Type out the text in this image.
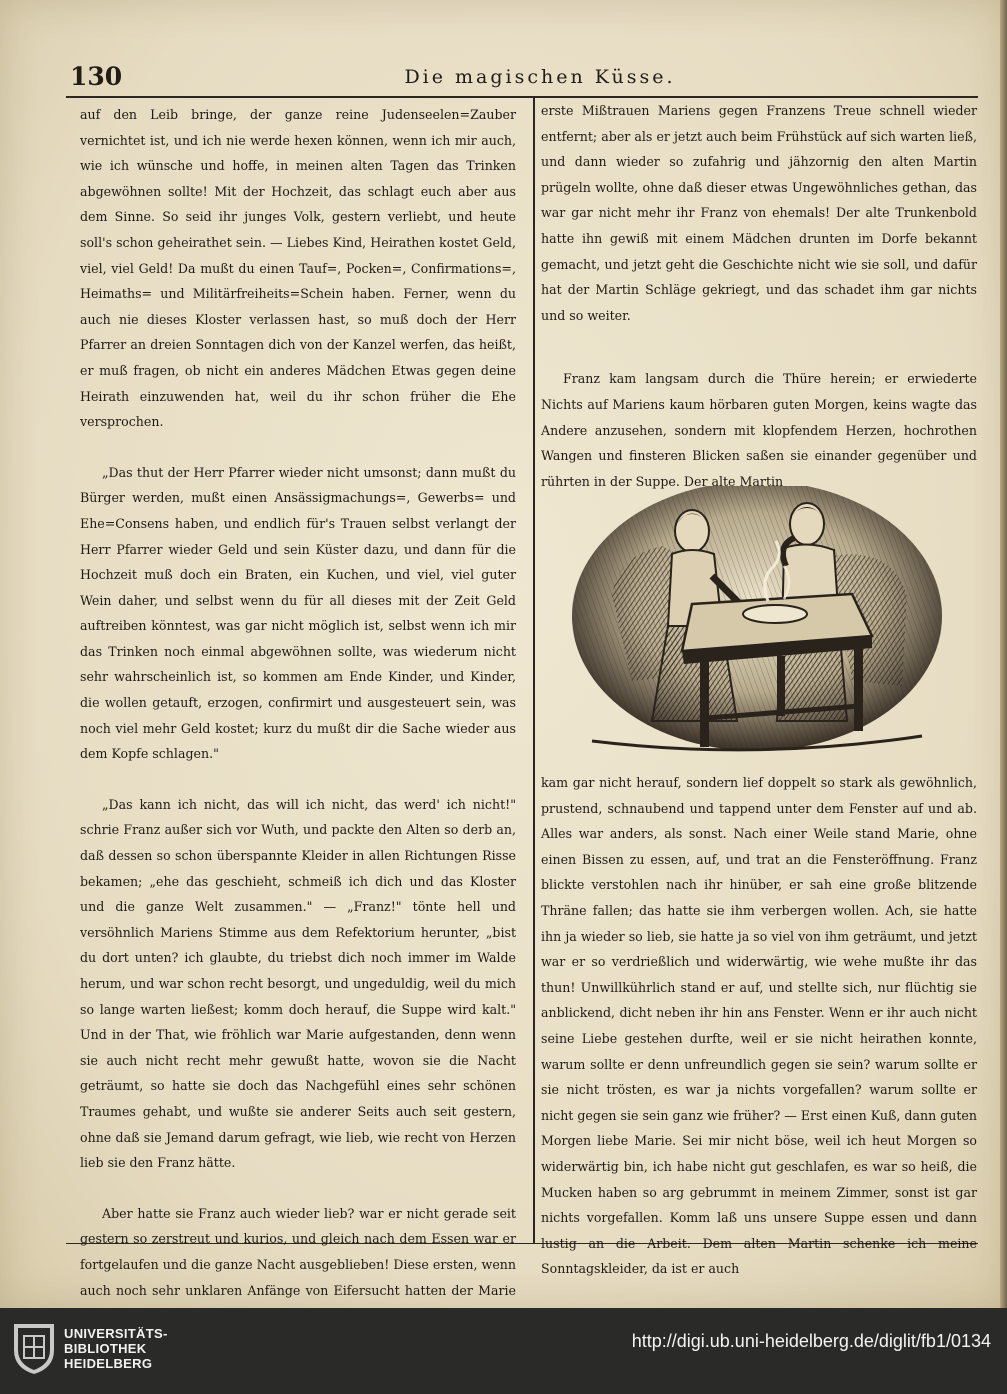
130	Die magischen Küsse.

auf den Leib bringe, der ganze reine Judenseelen=Zauber vernichtet ist, und ich nie werde hexen können, wenn ich mir auch, wie ich wünsche und hoffe, in meinen alten Tagen das Trinken abgewöhnen sollte! Mit der Hochzeit, das schlagt euch aber aus dem Sinne. So seid ihr junges Volk, gestern verliebt, und heute soll's schon geheirathet sein. — Liebes Kind, Heirathen kostet Geld, viel, viel Geld! Da mußt du einen Tauf=, Pocken=, Confirmations=, Heimaths= und Militärfreiheits=Schein haben. Ferner, wenn du auch nie dieses Kloster verlassen hast, so muß doch der Herr Pfarrer an dreien Sonntagen dich von der Kanzel werfen, das heißt, er muß fragen, ob nicht ein anderes Mädchen Etwas gegen deine Heirath einzuwenden hat, weil du ihr schon früher die Ehe versprochen.

„Das thut der Herr Pfarrer wieder nicht umsonst; dann mußt du Bürger werden, mußt einen Ansässigmachungs=, Gewerbs= und Ehe=Consens haben, und endlich für's Trauen selbst verlangt der Herr Pfarrer wieder Geld und sein Küster dazu, und dann für die Hochzeit muß doch ein Braten, ein Kuchen, und viel, viel guter Wein daher, und selbst wenn du für all dieses mit der Zeit Geld auftreiben könntest, was gar nicht möglich ist, selbst wenn ich mir das Trinken noch einmal abgewöhnen sollte, was wiederum nicht sehr wahrscheinlich ist, so kommen am Ende Kinder, und Kinder, die wollen getauft, erzogen, confirmirt und ausgesteuert sein, was noch viel mehr Geld kostet; kurz du mußt dir die Sache wieder aus dem Kopfe schlagen."

„Das kann ich nicht, das will ich nicht, das werd' ich nicht!" schrie Franz außer sich vor Wuth, und packte den Alten so derb an, daß dessen so schon überspannte Kleider in allen Richtungen Risse bekamen; „ehe das geschieht, schmeiß ich dich und das Kloster und die ganze Welt zusammen." — „Franz!" tönte hell und versöhnlich Mariens Stimme aus dem Refektorium herunter, „bist du dort unten? ich glaubte, du triebst dich noch immer im Walde herum, und war schon recht besorgt, und ungeduldig, weil du mich so lange warten ließest; komm doch herauf, die Suppe wird kalt." Und in der That, wie fröhlich war Marie aufgestanden, denn wenn sie auch nicht recht mehr gewußt hatte, wovon sie die Nacht geträumt, so hatte sie doch das Nachgefühl eines sehr schönen Traumes gehabt, und wußte sie anderer Seits auch seit gestern, ohne daß sie Jemand darum gefragt, wie lieb, wie recht von Herzen lieb sie den Franz hätte.

Aber hatte sie Franz auch wieder lieb? war er nicht gerade seit gestern so zerstreut und kurios, und gleich nach dem Essen war er fortgelaufen und die ganze Nacht ausgeblieben! Diese ersten, wenn auch noch sehr unklaren Anfänge von Eifersucht hatten der Marie

erste Mißtrauen Mariens gegen Franzens Treue schnell wieder entfernt; aber als er jetzt auch beim Frühstück auf sich warten ließ, und dann wieder so zufahrig und jähzornig den alten Martin prügeln wollte, ohne daß dieser etwas Ungewöhnliches gethan, das war gar nicht mehr ihr Franz von ehemals! Der alte Trunkenbold hatte ihn gewiß mit einem Mädchen drunten im Dorfe bekannt gemacht, und jetzt geht die Geschichte nicht wie sie soll, und dafür hat der Martin Schläge gekriegt, und das schadet ihm gar nichts und so weiter.

Franz kam langsam durch die Thüre herein; er erwiederte Nichts auf Mariens kaum hörbaren guten Morgen, keins wagte das Andere anzusehen, sondern mit klopfendem Herzen, hochrothen Wangen und finsteren Blicken saßen sie einander gegenüber und rührten in der Suppe. Der alte Martin

kam gar nicht herauf, sondern lief doppelt so stark als gewöhnlich, prustend, schnaubend und tappend unter dem Fenster auf und ab. Alles war anders, als sonst. Nach einer Weile stand Marie, ohne einen Bissen zu essen, auf, und trat an die Fensteröffnung. Franz blickte verstohlen nach ihr hinüber, er sah eine große blitzende Thräne fallen; das hatte sie ihm verbergen wollen. Ach, sie hatte ihn ja wieder so lieb, sie hatte ja so viel von ihm geträumt, und jetzt war er so verdrießlich und widerwärtig, wie wehe mußte ihr das thun! Unwillkührlich stand er auf, und stellte sich, nur flüchtig sie anblickend, dicht neben ihr hin ans Fenster. Wenn er ihr auch nicht seine Liebe gestehen durfte, weil er sie nicht heirathen konnte, warum sollte er denn unfreundlich gegen sie sein? warum sollte er sie nicht trösten, es war ja nichts vorgefallen? warum sollte er nicht gegen sie sein ganz wie früher? — Erst einen Kuß, dann guten Morgen liebe Marie. Sei mir nicht böse, weil ich heut Morgen so widerwärtig bin, ich habe nicht gut geschlafen, es war so heiß, die Mucken haben so arg gebrummt in meinem Zimmer, sonst ist gar nichts vorgefallen. Komm laß uns unsere Suppe essen und dann lustig an die Arbeit. Dem alten Martin schenke ich meine Sonntagskleider, da ist er auch

UNIVERSITÄTS-
BIBLIOTHEK
HEIDELBERG
http://digi.ub.uni-heidelberg.de/diglit/fb1/0134
